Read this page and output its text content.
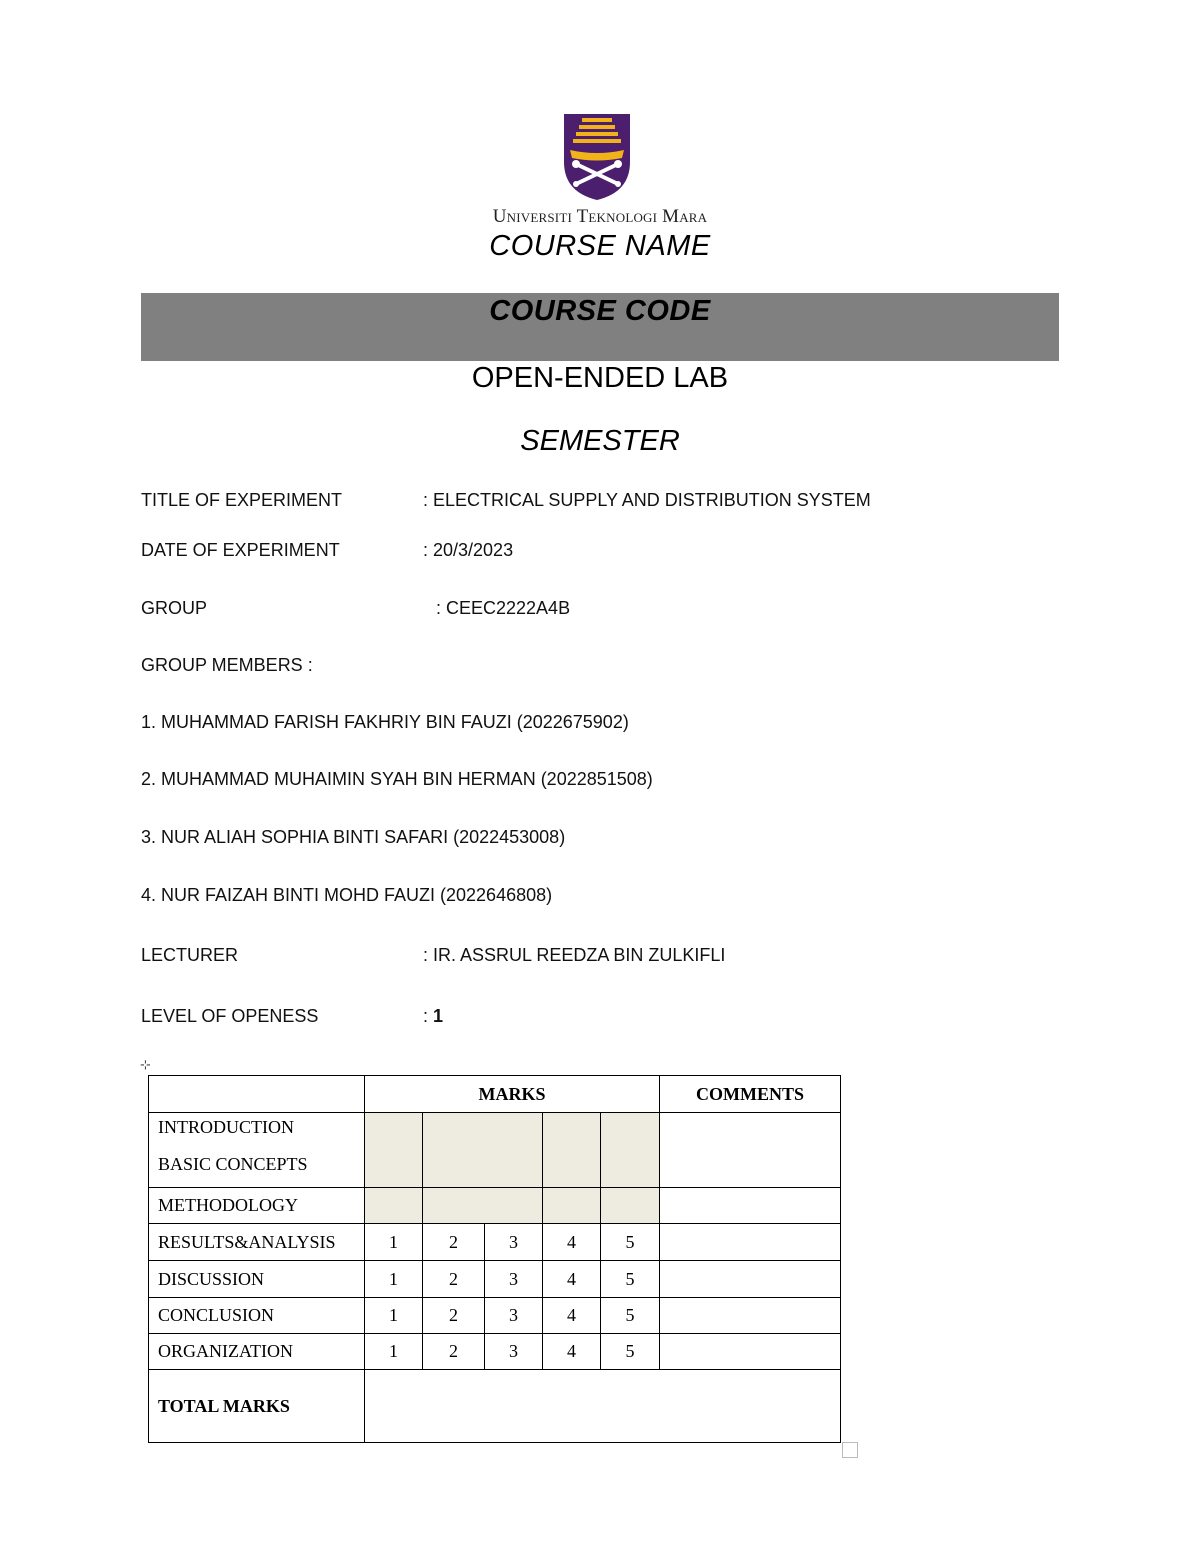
Universiti Teknologi Mara
COURSE NAME
COURSE CODE
OPEN-ENDED LAB
SEMESTER
TITLE OF EXPERIMENT	: ELECTRICAL SUPPLY AND DISTRIBUTION SYSTEM
DATE OF EXPERIMENT	: 20/3/2023
GROUP	: CEEC2222A4B
GROUP MEMBERS :
1. MUHAMMAD FARISH FAKHRIY BIN FAUZI (2022675902)
2. MUHAMMAD MUHAIMIN SYAH BIN HERMAN (2022851508)
3. NUR ALIAH SOPHIA BINTI SAFARI (2022453008)
4. NUR FAIZAH BINTI MOHD FAUZI (2022646808)
LECTURER	: IR. ASSRUL REEDZA BIN ZULKIFLI
LEVEL OF OPENESS	: 1
⊹
	MARKS					COMMENTS

INTRODUCTION
BASIC CONCEPTS						

METHODOLOGY						
RESULTS&ANALYSIS	1	2	3	4	5	
DISCUSSION	1	2	3	4	5	
CONCLUSION	1	2	3	4	5	
ORGANIZATION	1	2	3	4	5	
TOTAL MARKS						
